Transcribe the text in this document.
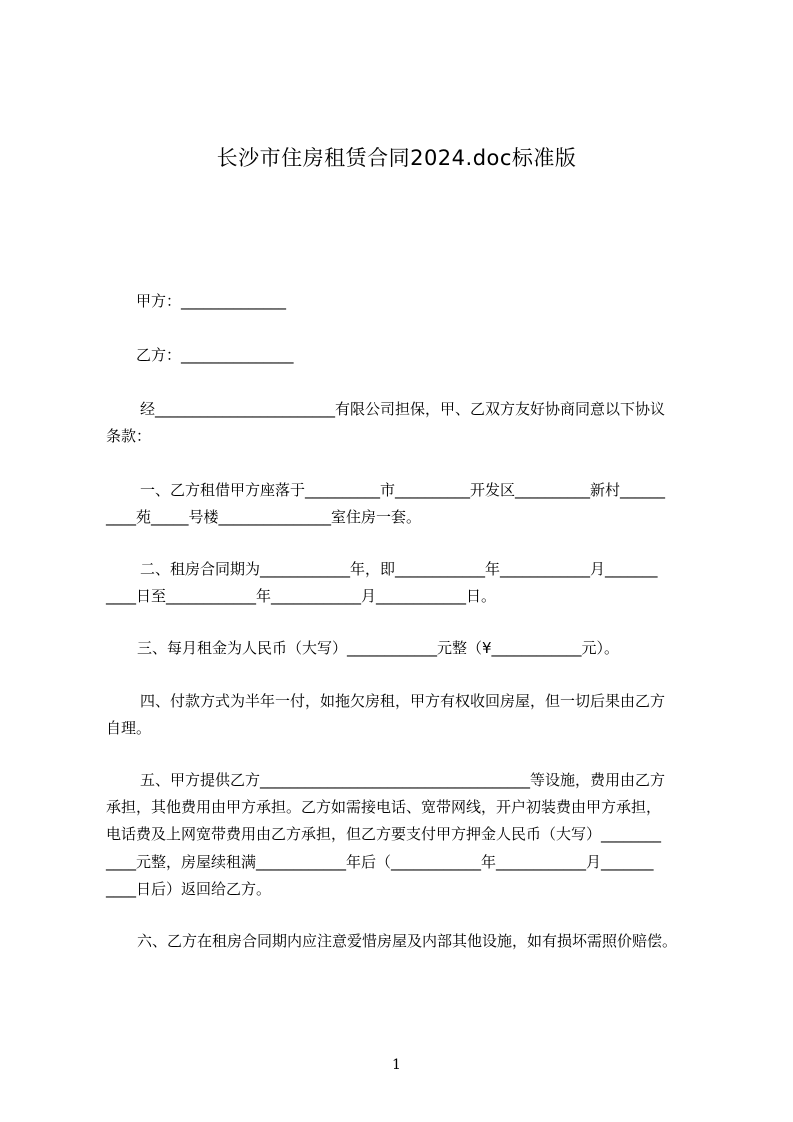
长沙市住房租赁合同2024.doc标准版
甲方：______________
乙方：_______________
经________________________有限公司担保，甲、乙双方友好协商同意以下协议
条款：
一、乙方租借甲方座落于__________市__________开发区__________新村______
____苑_____号楼_______________室住房一套。
二、租房合同期为____________年，即____________年____________月_______
____日至____________年____________月____________日。
三、每月租金为人民币（大写）____________元整（¥____________元）。
四、付款方式为半年一付，如拖欠房租，甲方有权收回房屋，但一切后果由乙方
自理。
五、甲方提供乙方____________________________________等设施，费用由乙方
承担，其他费用由甲方承担。乙方如需接电话、宽带网线，开户初装费由甲方承担，
电话费及上网宽带费用由乙方承担，但乙方要支付甲方押金人民币（大写）________
____元整，房屋续租满____________年后（____________年____________月_______
____日后）返回给乙方。
六、乙方在租房合同期内应注意爱惜房屋及内部其他设施，如有损坏需照价赔偿。
1
